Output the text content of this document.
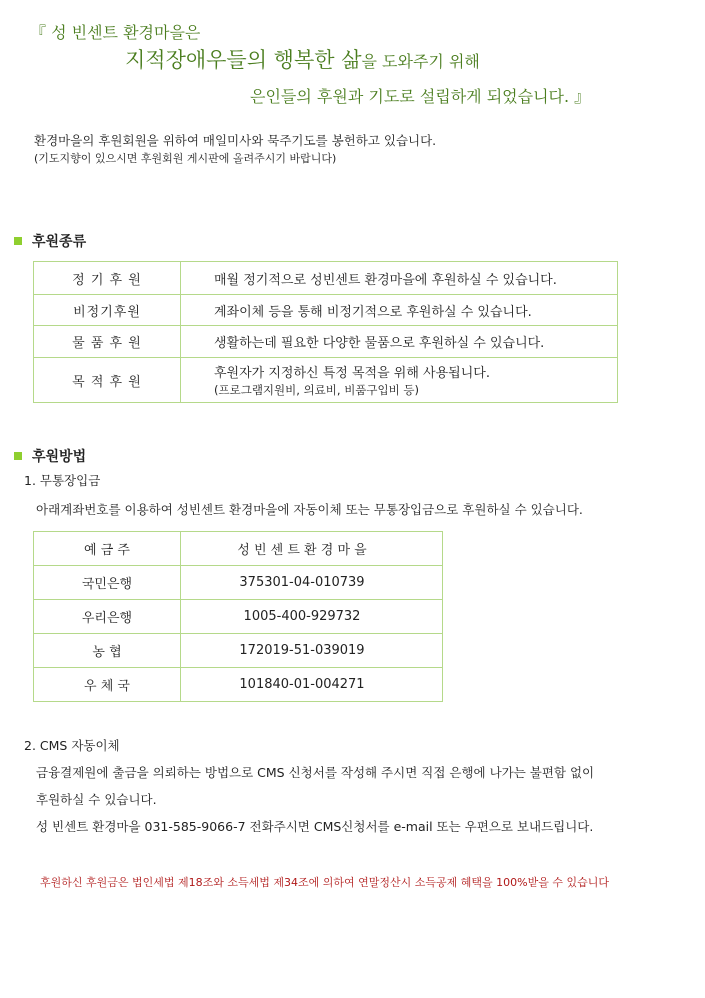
『 성 빈센트 환경마을은
지적장애우들의 행복한 삶을 도와주기 위해
은인들의 후원과 기도로 설립하게 되었습니다. 』
환경마을의 후원회원을 위하여 매일미사와 묵주기도를 봉헌하고 있습니다.
(기도지향이 있으시면 후원회원 게시판에 올려주시기 바랍니다)
후원종류
정 기 후 원	매월 정기적으로 성빈센트 환경마을에 후원하실 수 있습니다.
비정기후원	계좌이체 등을 통해 비정기적으로 후원하실 수 있습니다.
물 품 후 원	생활하는데 필요한 다양한 물품으로 후원하실 수 있습니다.
목 적 후 원	후원자가 지정하신 특정 목적을 위해 사용됩니다.
(프로그램지원비, 의료비, 비품구입비 등)
후원방법
1. 무통장입금
아래계좌번호를 이용하여 성빈센트 환경마을에 자동이체 또는 무통장입금으로 후원하실 수 있습니다.
예 금 주	성 빈 센 트 환 경 마 을
국민은행	375301-04-010739
우리은행	1005-400-929732
농 협	172019-51-039019
우 체 국	101840-01-004271
2. CMS 자동이체
금융결제원에 출금을 의뢰하는 방법으로 CMS 신청서를 작성해 주시면 직접 은행에 나가는 불편함 없이
후원하실 수 있습니다.
성 빈센트 환경마을 031-585-9066-7 전화주시면 CMS신청서를 e-mail 또는 우편으로 보내드립니다.
후원하신 후원금은 법인세법 제18조와 소득세법 제34조에 의하여 연말정산시 소득공제 혜택을 100%받을 수 있습니다
